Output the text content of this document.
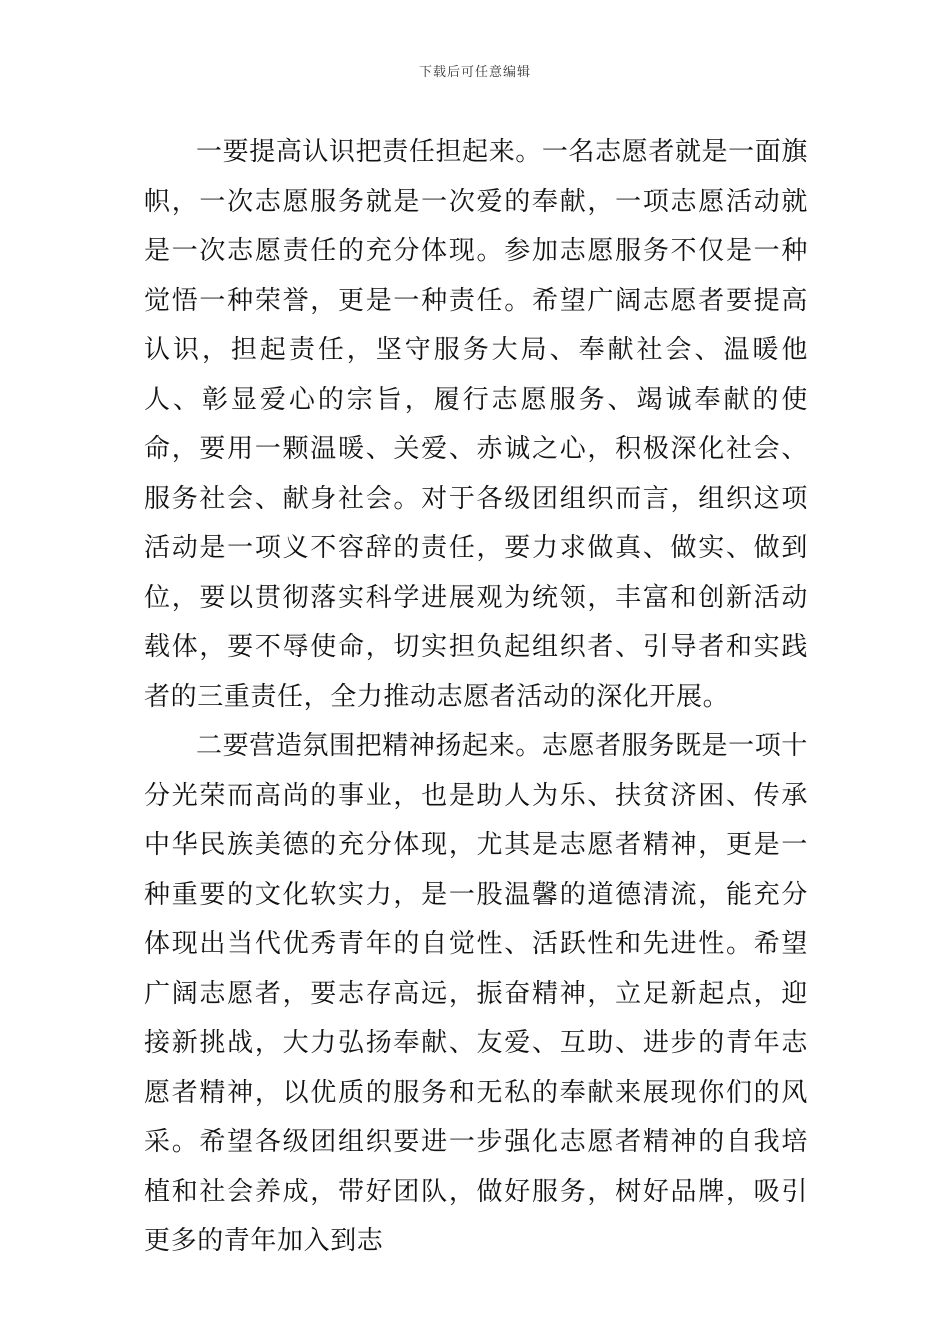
下载后可任意编辑

一要提高认识把责任担起来。一名志愿者就是一面旗帜，一次志愿服务就是一次爱的奉献，一项志愿活动就是一次志愿责任的充分体现。参加志愿服务不仅是一种觉悟一种荣誉，更是一种责任。希望广阔志愿者要提高认识，担起责任，坚守服务大局、奉献社会、温暖他人、彰显爱心的宗旨，履行志愿服务、竭诚奉献的使命，要用一颗温暖、关爱、赤诚之心，积极深化社会、服务社会、献身社会。对于各级团组织而言，组织这项活动是一项义不容辞的责任，要力求做真、做实、做到位，要以贯彻落实科学进展观为统领，丰富和创新活动载体，要不辱使命，切实担负起组织者、引导者和实践者的三重责任，全力推动志愿者活动的深化开展。

二要营造氛围把精神扬起来。志愿者服务既是一项十分光荣而高尚的事业，也是助人为乐、扶贫济困、传承中华民族美德的充分体现，尤其是志愿者精神，更是一种重要的文化软实力，是一股温馨的道德清流，能充分体现出当代优秀青年的自觉性、活跃性和先进性。希望广阔志愿者，要志存高远，振奋精神，立足新起点，迎接新挑战，大力弘扬奉献、友爱、互助、进步的青年志愿者精神，以优质的服务和无私的奉献来展现你们的风采。希望各级团组织要进一步强化志愿者精神的自我培植和社会养成，带好团队，做好服务，树好品牌，吸引更多的青年加入到志
